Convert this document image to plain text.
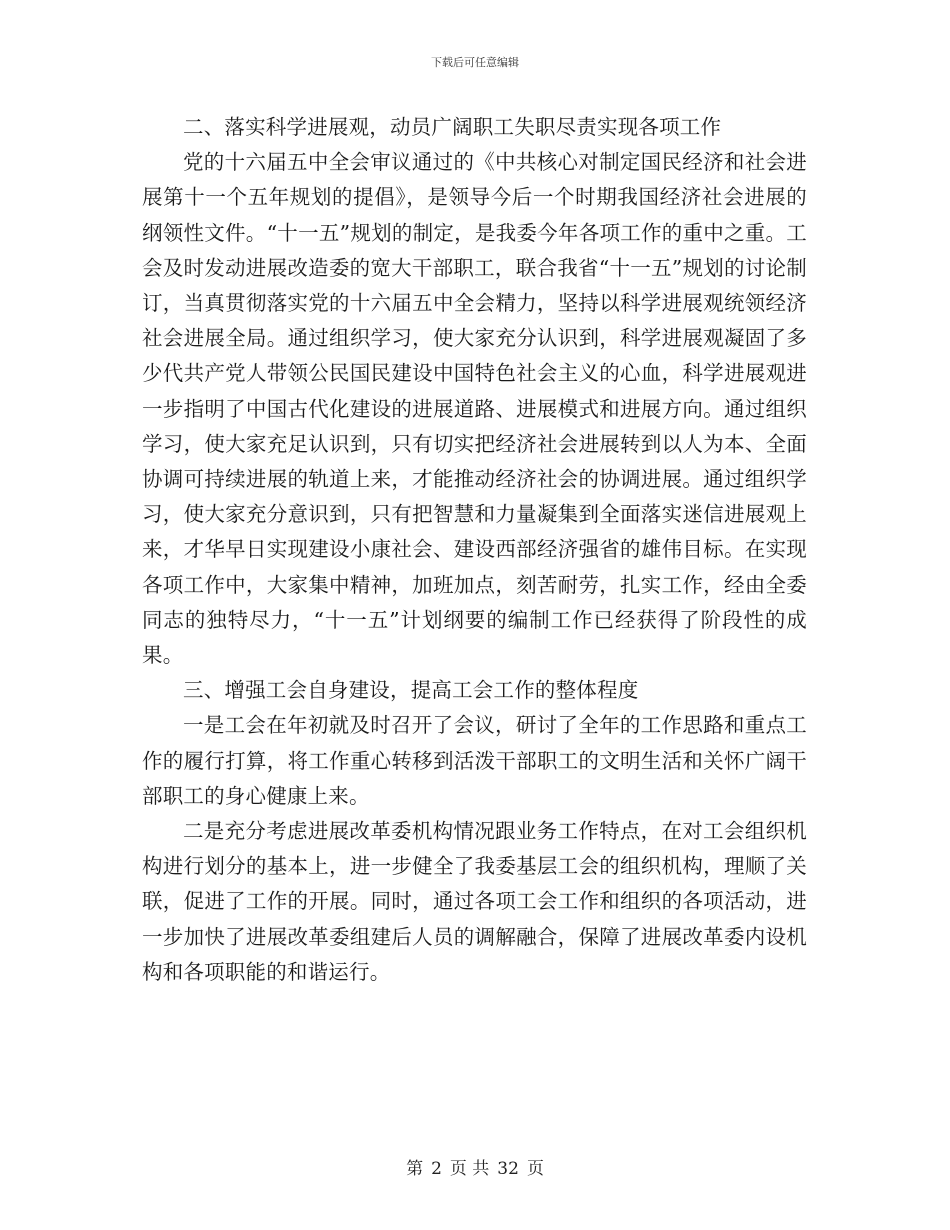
下载后可任意编辑

二、落实科学进展观，动员广阔职工失职尽责实现各项工作

党的十六届五中全会审议通过的《中共核心对制定国民经济和社会进展第十一个五年规划的提倡》，是领导今后一个时期我国经济社会进展的纲领性文件。“十一五”规划的制定，是我委今年各项工作的重中之重。工会及时发动进展改造委的宽大干部职工，联合我省“十一五”规划的讨论制订，当真贯彻落实党的十六届五中全会精力，坚持以科学进展观统领经济社会进展全局。通过组织学习，使大家充分认识到，科学进展观凝固了多少代共产党人带领公民国民建设中国特色社会主义的心血，科学进展观进一步指明了中国古代化建设的进展道路、进展模式和进展方向。通过组织学习，使大家充足认识到，只有切实把经济社会进展转到以人为本、全面协调可持续进展的轨道上来，才能推动经济社会的协调进展。通过组织学习，使大家充分意识到，只有把智慧和力量凝集到全面落实迷信进展观上来，才华早日实现建设小康社会、建设西部经济强省的雄伟目标。在实现各项工作中，大家集中精神，加班加点，刻苦耐劳，扎实工作，经由全委同志的独特尽力，“十一五”计划纲要的编制工作已经获得了阶段性的成果。

三、增强工会自身建设，提高工会工作的整体程度

一是工会在年初就及时召开了会议，研讨了全年的工作思路和重点工作的履行打算，将工作重心转移到活泼干部职工的文明生活和关怀广阔干部职工的身心健康上来。

二是充分考虑进展改革委机构情况跟业务工作特点，在对工会组织机构进行划分的基本上，进一步健全了我委基层工会的组织机构，理顺了关联，促进了工作的开展。同时，通过各项工会工作和组织的各项活动，进一步加快了进展改革委组建后人员的调解融合，保障了进展改革委内设机构和各项职能的和谐运行。

第 2 页 共 32 页
